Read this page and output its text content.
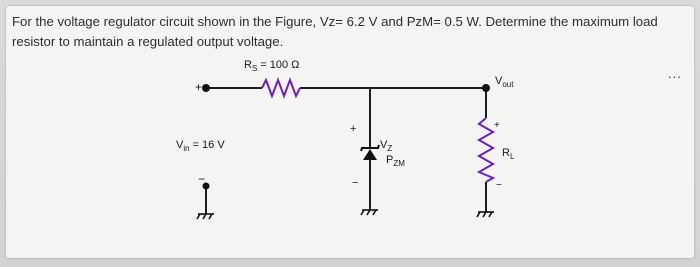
For the voltage regulator circuit shown in the Figure, Vz= 6.2 V and PzM= 0.5 W. Determine the maximum load resistor to maintain a regulated output voltage.

...
+
−
$R_S = 100$ Ω
$V_{in} = 16$ V
+
−
$V_Z$
$P_{ZM}$
+
−
$R_L$
$V_{out}$
